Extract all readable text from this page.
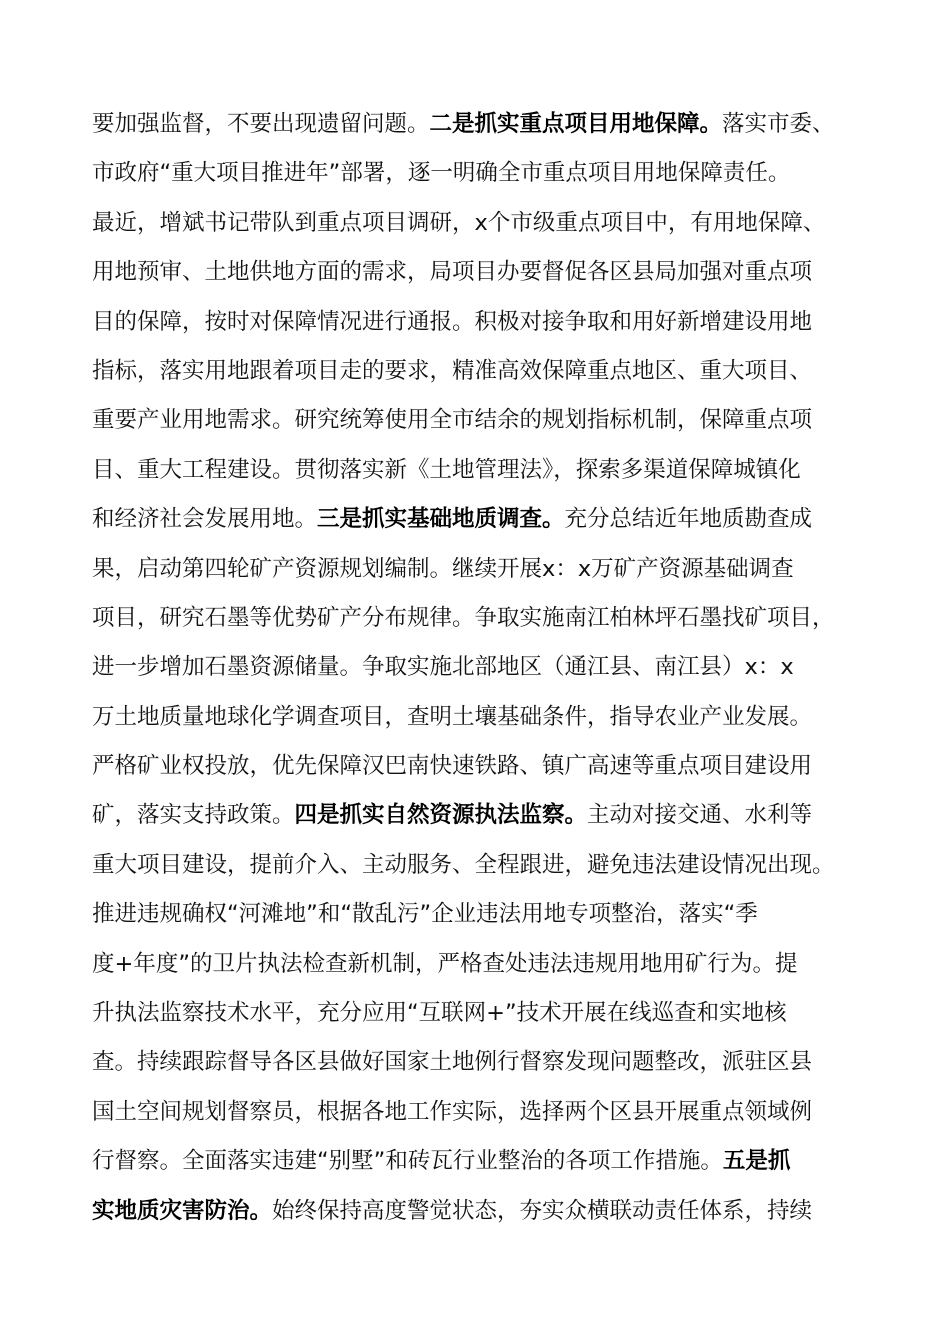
要加强监督，不要出现遗留问题。二是抓实重点项目用地保障。落实市委、
市政府“重大项目推进年”部署，逐一明确全市重点项目用地保障责任。
最近，增斌书记带队到重点项目调研，x个市级重点项目中，有用地保障、
用地预审、土地供地方面的需求，局项目办要督促各区县局加强对重点项
目的保障，按时对保障情况进行通报。积极对接争取和用好新增建设用地
指标，落实用地跟着项目走的要求，精准高效保障重点地区、重大项目、
重要产业用地需求。研究统筹使用全市结余的规划指标机制，保障重点项
目、重大工程建设。贯彻落实新《土地管理法》，探索多渠道保障城镇化
和经济社会发展用地。三是抓实基础地质调查。充分总结近年地质勘查成
果，启动第四轮矿产资源规划编制。继续开展x：x万矿产资源基础调查
项目，研究石墨等优势矿产分布规律。争取实施南江柏林坪石墨找矿项目，
进一步增加石墨资源储量。争取实施北部地区（通江县、南江县）x：x
万土地质量地球化学调查项目，查明土壤基础条件，指导农业产业发展。
严格矿业权投放，优先保障汉巴南快速铁路、镇广高速等重点项目建设用
矿，落实支持政策。四是抓实自然资源执法监察。主动对接交通、水利等
重大项目建设，提前介入、主动服务、全程跟进，避免违法建设情况出现。
推进违规确权“河滩地”和“散乱污”企业违法用地专项整治，落实“季
度+年度”的卫片执法检查新机制，严格查处违法违规用地用矿行为。提
升执法监察技术水平，充分应用“互联网+”技术开展在线巡查和实地核
查。持续跟踪督导各区县做好国家土地例行督察发现问题整改，派驻区县
国土空间规划督察员，根据各地工作实际，选择两个区县开展重点领域例
行督察。全面落实违建“别墅”和砖瓦行业整治的各项工作措施。五是抓
实地质灾害防治。始终保持高度警觉状态，夯实众横联动责任体系，持续
